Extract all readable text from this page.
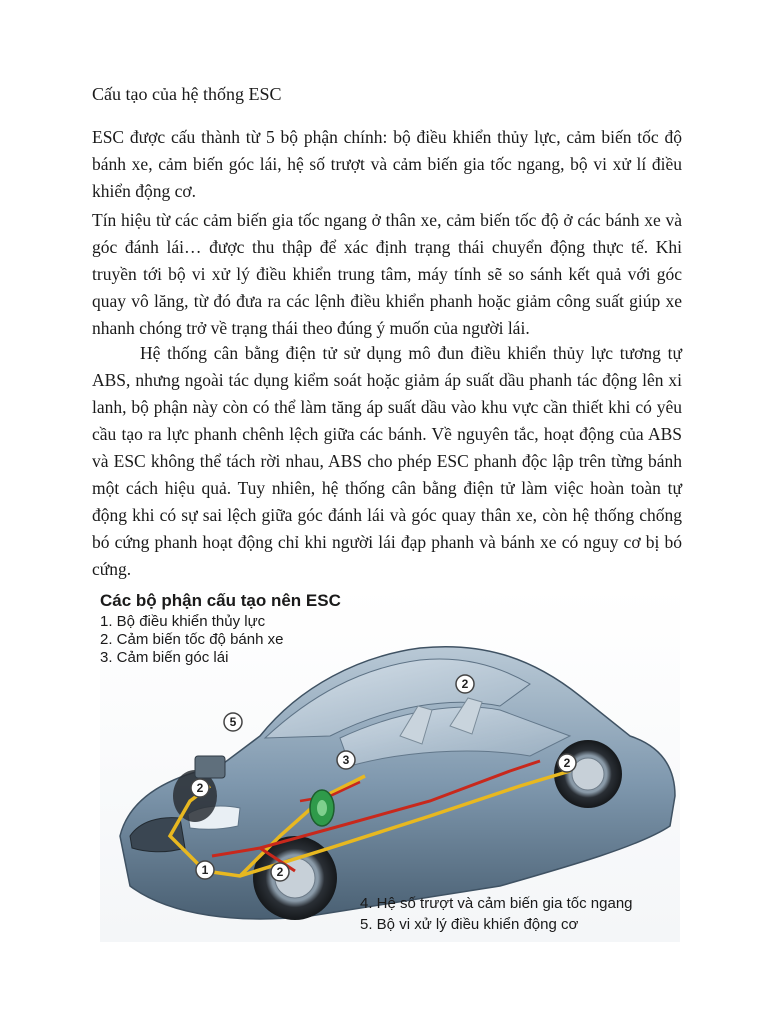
Cấu tạo của hệ thống ESC

ESC được cấu thành từ 5 bộ phận chính: bộ điều khiển thủy lực, cảm biến tốc độ bánh xe, cảm biến góc lái, hệ số trượt và cảm biến gia tốc ngang, bộ vi xử lí điều khiển động cơ.

Tín hiệu từ các cảm biến gia tốc ngang ở thân xe, cảm biến tốc độ ở các bánh xe và góc đánh lái… được thu thập để xác định trạng thái chuyển động thực tế. Khi truyền tới bộ vi xử lý điều khiển trung tâm, máy tính sẽ so sánh kết quả với góc quay vô lăng, từ đó đưa ra các lệnh điều khiển phanh hoặc giảm công suất giúp xe nhanh chóng trở về trạng thái theo đúng ý muốn của người lái.

Hệ thống cân bằng điện tử sử dụng mô đun điều khiển thủy lực tương tự ABS, nhưng ngoài tác dụng kiểm soát hoặc giảm áp suất dầu phanh tác động lên xi lanh, bộ phận này còn có thể làm tăng áp suất dầu vào khu vực cần thiết khi có yêu cầu tạo ra lực phanh chênh lệch giữa các bánh. Về nguyên tắc, hoạt động của ABS và ESC không thể tách rời nhau, ABS cho phép ESC phanh độc lập trên từng bánh một cách hiệu quả. Tuy nhiên, hệ thống cân bằng điện tử làm việc hoàn toàn tự động khi có sự sai lệch giữa góc đánh lái và góc quay thân xe, còn hệ thống chống bó cứng phanh hoạt động chỉ khi người lái đạp phanh và bánh xe có nguy cơ bị bó cứng.

1
2
2
2
2
3
5
Các bộ phận cấu tạo nên ESC
1. Bộ điều khiển thủy lực
2. Cảm biến tốc độ bánh xe
3. Cảm biến góc lái
4. Hệ số trượt và cảm biến gia tốc ngang
5. Bộ vi xử lý điều khiển động cơ
